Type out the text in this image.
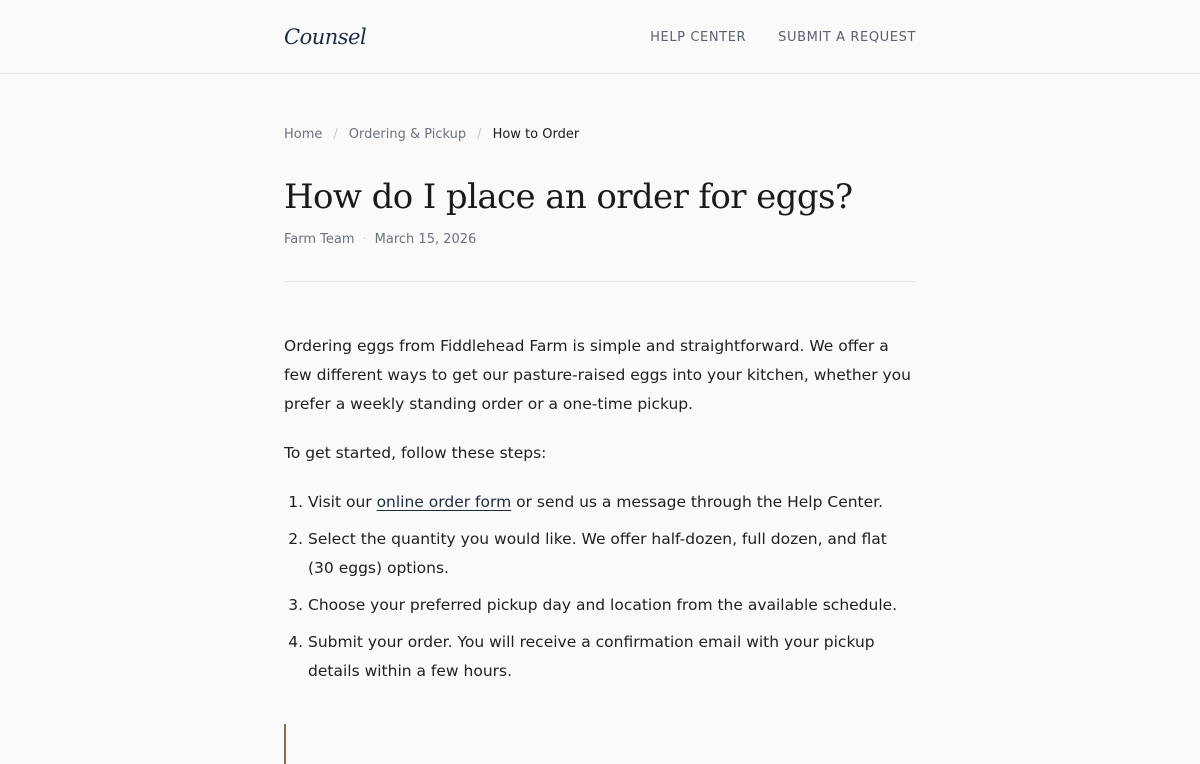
Counsel	HELP CENTER SUBMIT A REQUEST
Home / Ordering & Pickup / How to Order
How do I place an order for eggs?
Farm Team · March 15, 2026

Ordering eggs from Fiddlehead Farm is simple and straightforward. We offer a few different ways to get our pasture-raised eggs into your kitchen, whether you prefer a weekly standing order or a one-time pickup.

To get started, follow these steps:

1. Visit our online order form or send us a message through the Help Center.
2. Select the quantity you would like. We offer half-dozen, full dozen, and flat (30 eggs) options.
3. Choose your preferred pickup day and location from the available schedule.
4. Submit your order. You will receive a confirmation email with your pickup details within a few hours.
